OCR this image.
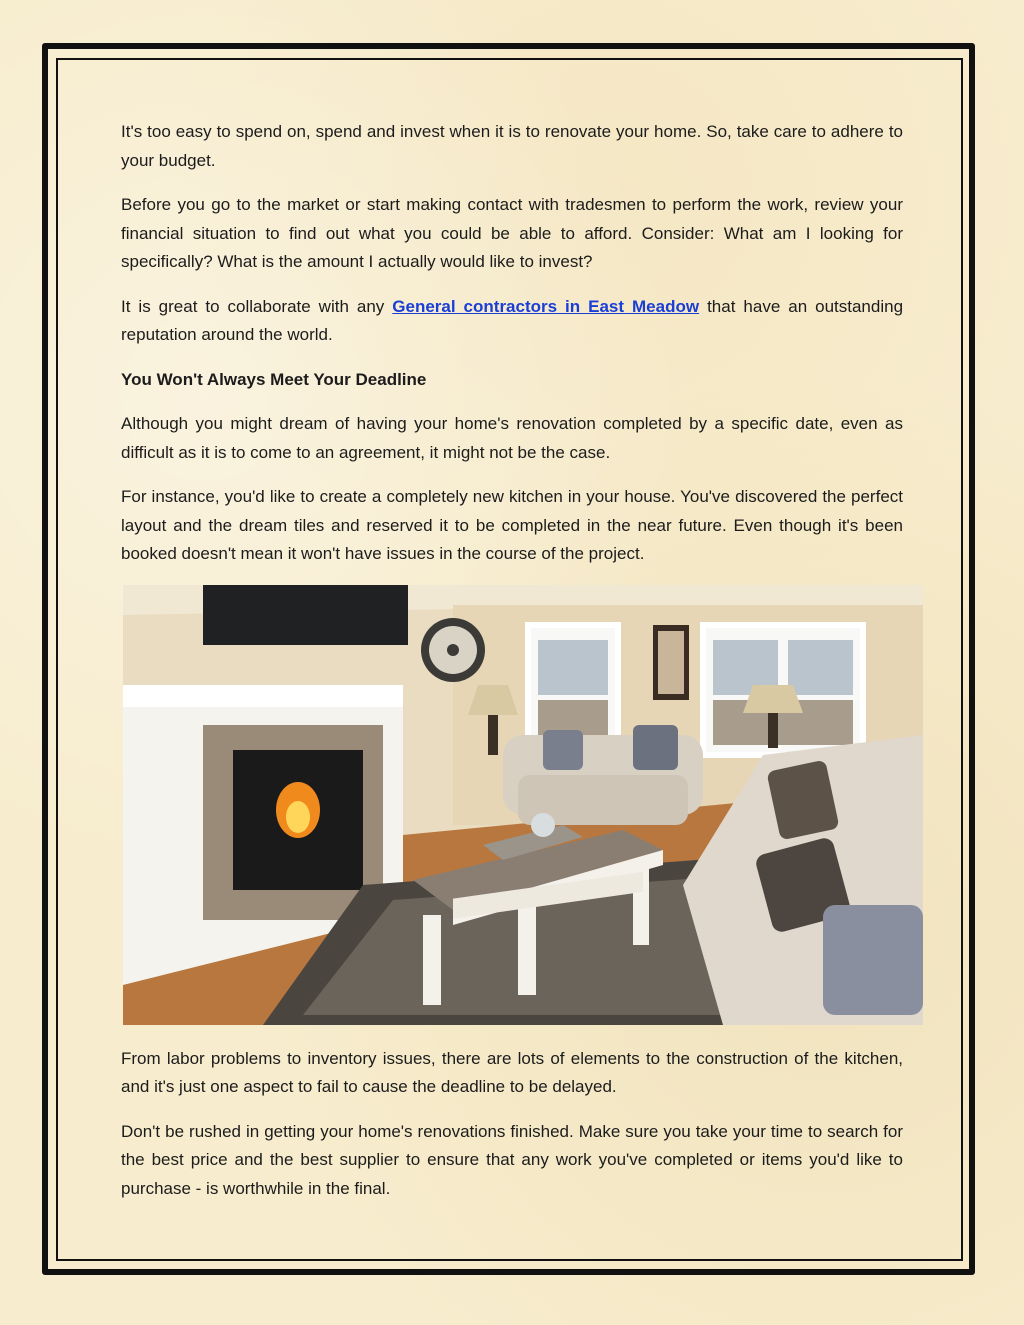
It's too easy to spend on, spend and invest when it is to renovate your home. So, take care to adhere to your budget.

Before you go to the market or start making contact with tradesmen to perform the work, review your financial situation to find out what you could be able to afford. Consider: What am I looking for specifically? What is the amount I actually would like to invest?

It is great to collaborate with any General contractors in East Meadow that have an outstanding reputation around the world.

You Won't Always Meet Your Deadline

Although you might dream of having your home's renovation completed by a specific date, even as difficult as it is to come to an agreement, it might not be the case.

For instance, you'd like to create a completely new kitchen in your house. You've discovered the perfect layout and the dream tiles and reserved it to be completed in the near future. Even though it's been booked doesn't mean it won't have issues in the course of the project.

From labor problems to inventory issues, there are lots of elements to the construction of the kitchen, and it's just one aspect to fail to cause the deadline to be delayed.

Don't be rushed in getting your home's renovations finished. Make sure you take your time to search for the best price and the best supplier to ensure that any work you've completed or items you'd like to purchase - is worthwhile in the final.
